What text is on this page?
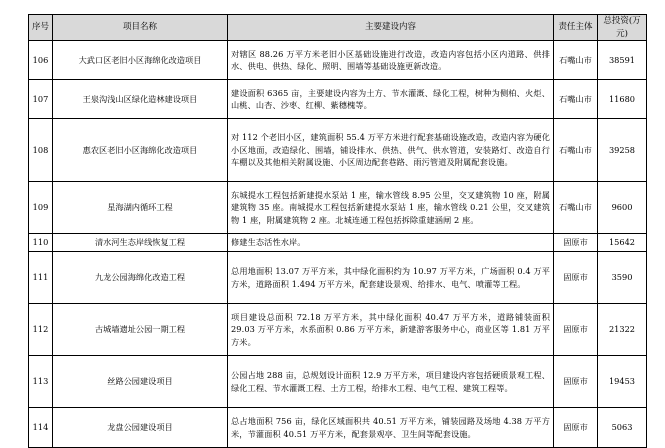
序号	项目名称	主要建设内容	责任主体	总投资(万元)
106	大武口区老旧小区海绵化改造项目	对辖区 88.26 万平方米老旧小区基础设施进行改造，改造内容包括小区内道路、供排水、供电、供热、绿化、照明、围墙等基础设施更新改造。	石嘴山市	38591
107	王泉沟浅山区绿化造林建设项目	建设面积 6365 亩，主要建设内容为土方、节水灌溉、绿化工程，树种为侧柏、火炬、山桃、山杏、沙枣、红柳、紫穗槐等。	石嘴山市	11680
108	惠农区老旧小区海绵化改造项目	对 112 个老旧小区，建筑面积 55.4 万平方米进行配套基础设施改造，改造内容为硬化小区地面，改造绿化、围墙，铺设排水、供热、供气、供水管道，安装路灯、改造自行车棚以及其他相关附属设施、小区周边配套巷路、雨污管道及附属配套设施。	石嘴山市	39258
109	星海湖内循环工程	东城提水工程包括新建提水泵站 1 座，输水管线 8.95 公里，交叉建筑物 10 座，附属建筑物 35 座。南城提水工程包括新建提水泵站 1 座，输水管线 0.21 公里，交叉建筑物 1 座，附属建筑物 2 座。北城连通工程包括拆除重建涵闸 2 座。	石嘴山市	9600
110	清水河生态岸线恢复工程	修建生态活性水岸。	固原市	15642
111	九龙公园海绵化改造工程	总用地面积 13.07 万平方米，其中绿化面积约为 10.97 万平方米，广场面积 0.4 万平方米，道路面积 1.494 万平方米，配套建设景观、给排水、电气、喷灌等工程。	固原市	3590
112	古城墙遗址公园一期工程	项目建设总面积 72.18 万平方米，其中绿化面积 40.47 万平方米，道路铺装面积 29.03 万平方米，水系面积 0.86 万平方米，新建游客服务中心，商业区等 1.81 万平方米。	固原市	21322
113	丝路公园建设项目	公园占地 288 亩，总规划设计面积 12.9 万平方米，项目建设内容包括硬质景观工程、绿化工程、节水灌溉工程、土方工程，给排水工程、电气工程、建筑工程等。	固原市	19453
114	龙盘公园建设项目	总占地面积 756 亩，绿化区域面积共 40.51 万平方米，铺装园路及场地 4.38 万平方米，节灌面积 40.51 万平方米，配套景观亭、卫生间等配套设施。	固原市	5063
